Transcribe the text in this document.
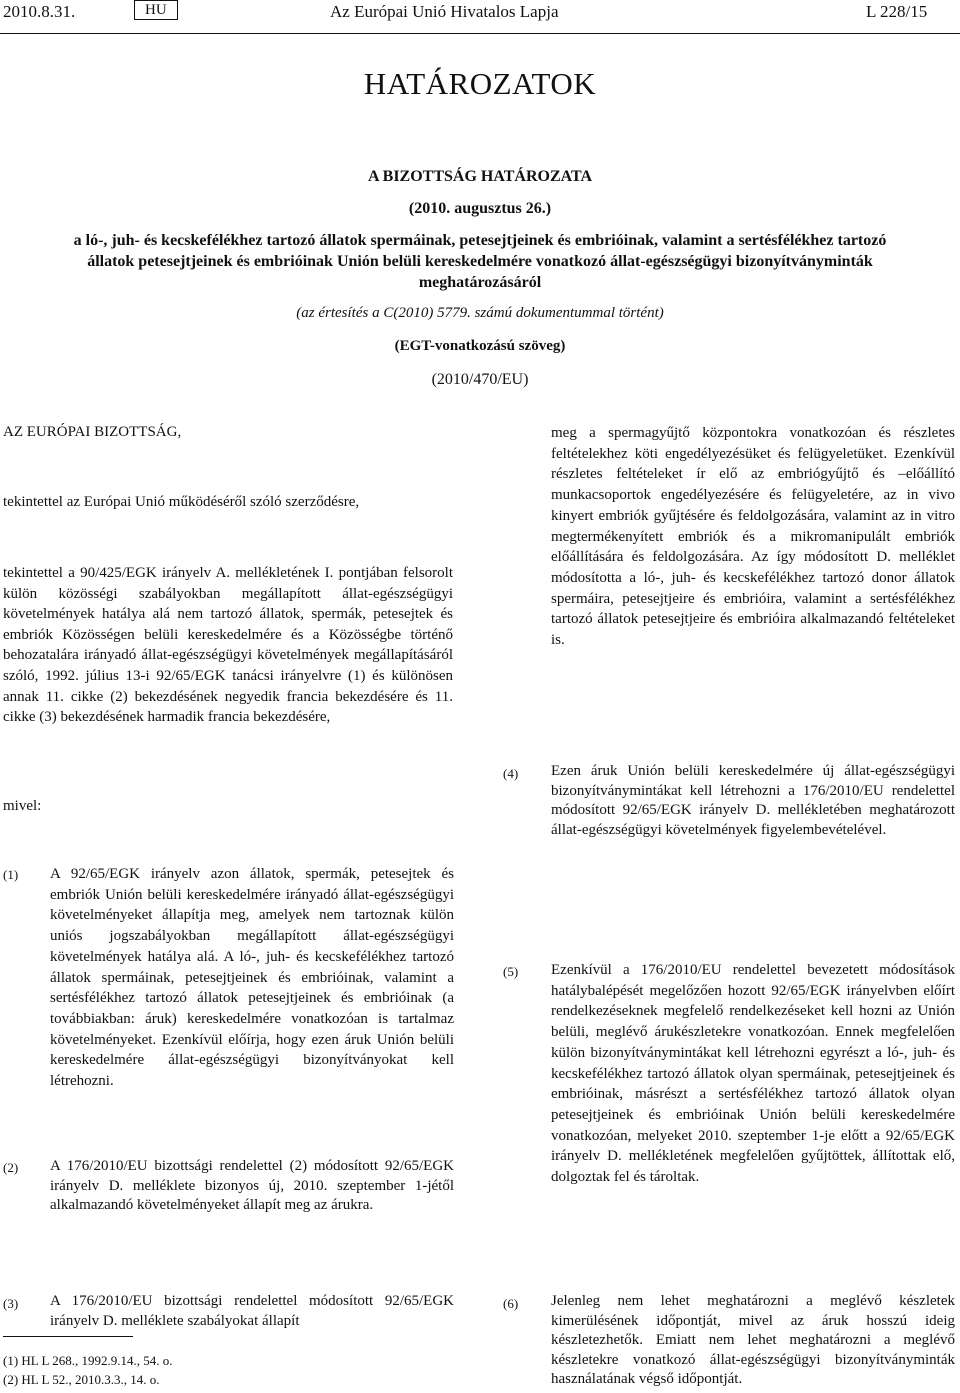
2010.8.31.	HU	Az Európai Unió Hivatalos Lapja	L 228/15
HATÁROZATOK
A BIZOTTSÁG HATÁROZATA
(2010. augusztus 26.)
a ló-, juh- és kecskefélékhez tartozó állatok spermáinak, petesejtjeinek és embrióinak, valamint a sertésfélékhez tartozó állatok petesejtjeinek és embrióinak Unión belüli kereskedelmére vonatkozó állat-egészségügyi bizonyítványminták meghatározásáról
(az értesítés a C(2010) 5779. számú dokumentummal történt)
(EGT-vonatkozású szöveg)
(2010/470/EU)
AZ EURÓPAI BIZOTTSÁG,
tekintettel az Európai Unió működéséről szóló szerződésre,
tekintettel a 90/425/EGK irányelv A. mellékletének I. pontjában felsorolt külön közösségi szabályokban megállapított állat-egészségügyi követelmények hatálya alá nem tartozó állatok, spermák, petesejtek és embriók Közösségen belüli kereskedelmére és a Közösségbe történő behozatalára irányadó állat-egészségügyi követelmények megállapításáról szóló, 1992. július 13-i 92/65/EGK tanácsi irányelvre (1) és különösen annak 11. cikke (2) bekezdésének negyedik francia bekezdésére és 11. cikke (3) bekezdésének harmadik francia bekezdésére,
mivel:
(1) A 92/65/EGK irányelv azon állatok, spermák, petesejtek és embriók Unión belüli kereskedelmére irányadó állat-egészségügyi követelményeket állapítja meg, amelyek nem tartoznak külön uniós jogszabályokban megállapított állat-egészségügyi követelmények hatálya alá. A ló-, juh- és kecskefélékhez tartozó állatok spermáinak, petesejtjeinek és embrióinak, valamint a sertésfélékhez tartozó állatok petesejtjeinek és embrióinak (a továbbiakban: áruk) kereskedelmére vonatkozóan is tartalmaz követelményeket. Ezenkívül előírja, hogy ezen áruk Unión belüli kereskedelmére állat-egészségügyi bizonyítványokat kell létrehozni.
(2) A 176/2010/EU bizottsági rendelettel (2) módosított 92/65/EGK irányelv D. melléklete bizonyos új, 2010. szeptember 1-jétől alkalmazandó követelményeket állapít meg az árukra.
(3) A 176/2010/EU bizottsági rendelettel módosított 92/65/EGK irányelv D. melléklete szabályokat állapít
(1) HL L 268., 1992.9.14., 54. o.
(2) HL L 52., 2010.3.3., 14. o.
meg a spermagyűjtő központokra vonatkozóan és részletes feltételekhez köti engedélyezésüket és felügyeletüket. Ezenkívül részletes feltételeket ír elő az embriógyűjtő és –előállító munkacsoportok engedélyezésére és felügyeletére, az in vivo kinyert embriók gyűjtésére és feldolgozására, valamint az in vitro megtermékenyített embriók és a mikromanipulált embriók előállítására és feldolgozására. Az így módosított D. melléklet módosította a ló-, juh- és kecskefélékhez tartozó donor állatok spermáira, petesejtjeire és embrióira, valamint a sertésfélékhez tartozó állatok petesejtjeire és embrióira alkalmazandó feltételeket is.
(4) Ezen áruk Unión belüli kereskedelmére új állat-egészségügyi bizonyítványmintákat kell létrehozni a 176/2010/EU rendelettel módosított 92/65/EGK irányelv D. mellékletében meghatározott állat-egészségügyi követelmények figyelembevételével.
(5) Ezenkívül a 176/2010/EU rendelettel bevezetett módosítások hatálybalépését megelőzően hozott 92/65/EGK irányelvben előírt rendelkezéseknek megfelelő rendelkezéseket kell hozni az Unión belüli, meglévő árukészletekre vonatkozóan. Ennek megfelelően külön bizonyítványmintákat kell létrehozni egyrészt a ló-, juh- és kecskefélékhez tartozó állatok olyan spermáinak, petesejtjeinek és embrióinak, másrészt a sertésfélékhez tartozó állatok olyan petesejtjeinek és embrióinak Unión belüli kereskedelmére vonatkozóan, melyeket 2010. szeptember 1-je előtt a 92/65/EGK irányelv D. mellékletének megfelelően gyűjtöttek, állítottak elő, dolgoztak fel és tároltak.
(6) Jelenleg nem lehet meghatározni a meglévő készletek kimerülésének időpontját, mivel az áruk hosszú ideig készletezhetők. Emiatt nem lehet meghatározni a meglévő készletekre vonatkozó állat-egészségügyi bizonyítványminták használatának végső időpontját.
